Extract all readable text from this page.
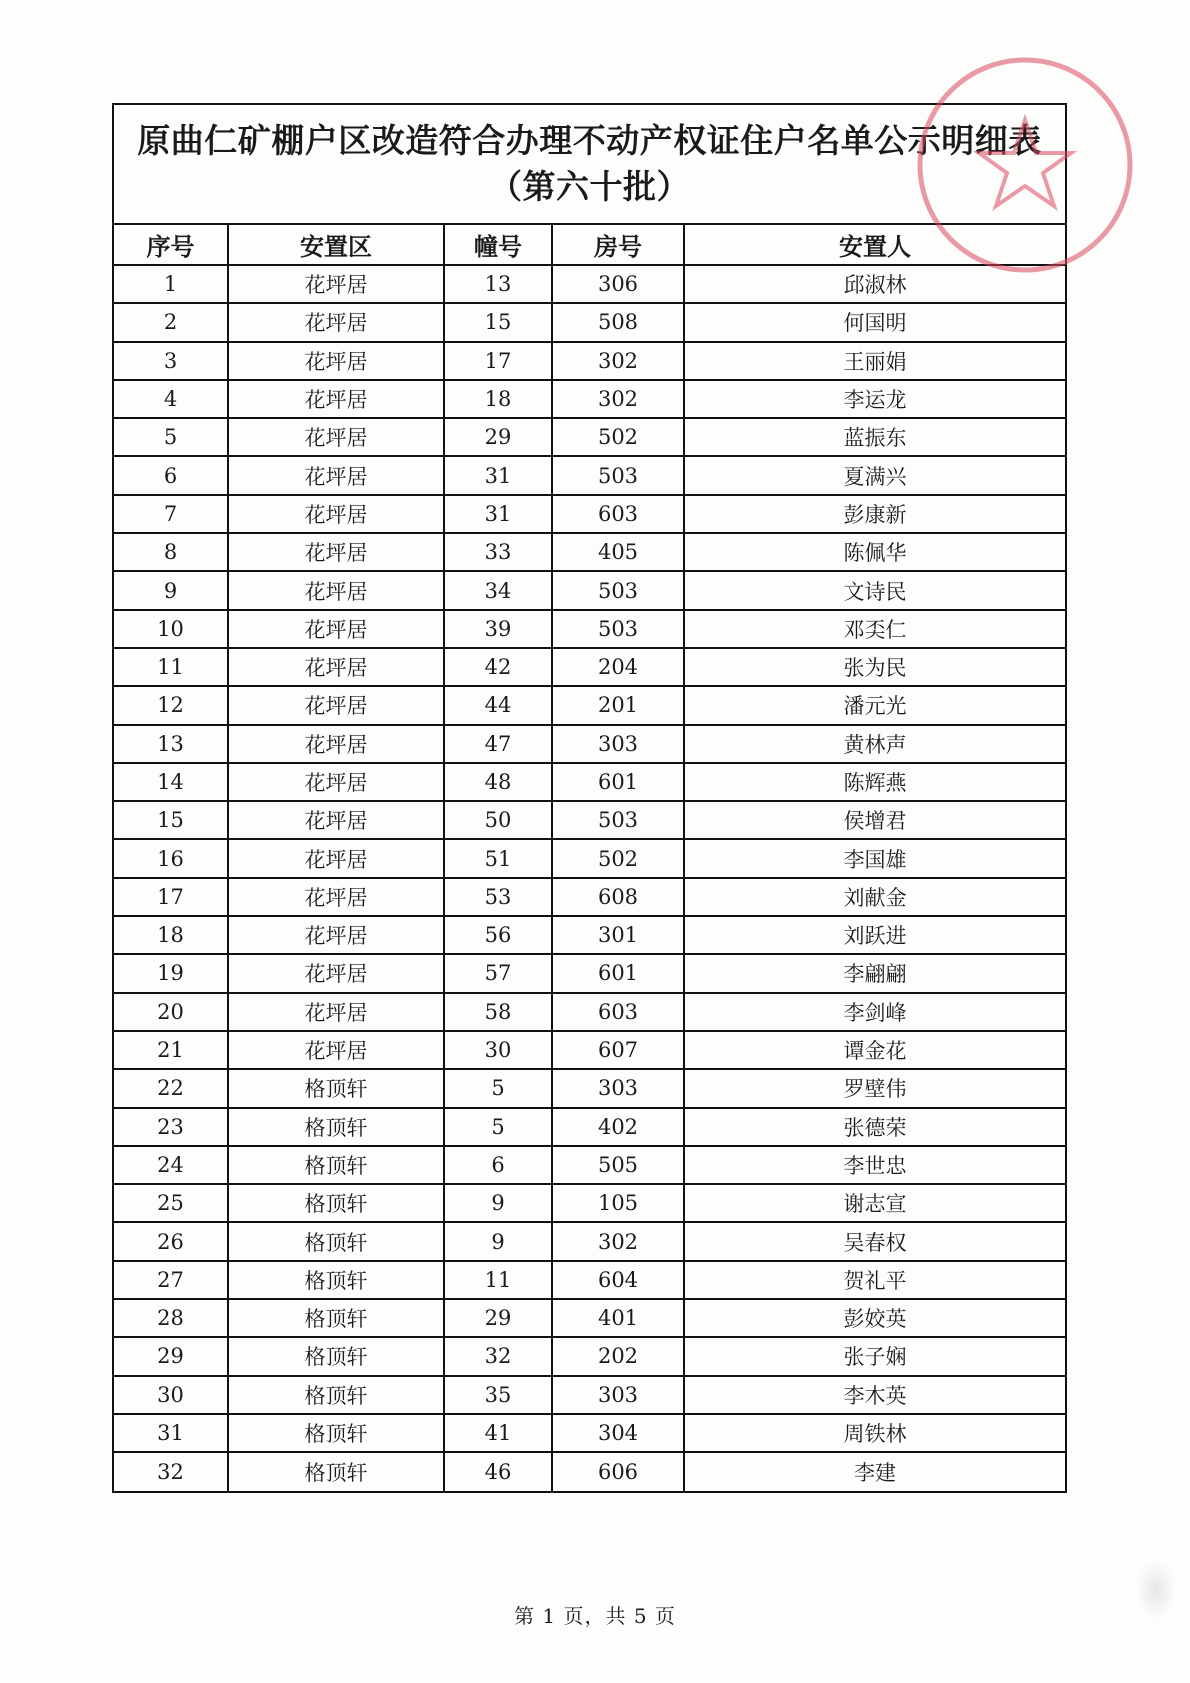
原曲仁矿棚户区改造符合办理不动产权证住户名单公示明细表（第六十批）
序号	安置区	幢号	房号	安置人
1	花坪居	13	306	邱淑林
2	花坪居	15	508	何国明
3	花坪居	17	302	王丽娟
4	花坪居	18	302	李运龙
5	花坪居	29	502	蓝振东
6	花坪居	31	503	夏满兴
7	花坪居	31	603	彭康新
8	花坪居	33	405	陈佩华
9	花坪居	34	503	文诗民
10	花坪居	39	503	邓奀仁
11	花坪居	42	204	张为民
12	花坪居	44	201	潘元光
13	花坪居	47	303	黄林声
14	花坪居	48	601	陈辉燕
15	花坪居	50	503	侯增君
16	花坪居	51	502	李国雄
17	花坪居	53	608	刘献金
18	花坪居	56	301	刘跃进
19	花坪居	57	601	李翩翩
20	花坪居	58	603	李剑峰
21	花坪居	30	607	谭金花
22	格顶轩	5	303	罗壁伟
23	格顶轩	5	402	张德荣
24	格顶轩	6	505	李世忠
25	格顶轩	9	105	谢志宣
26	格顶轩	9	302	吴春权
27	格顶轩	11	604	贺礼平
28	格顶轩	29	401	彭姣英
29	格顶轩	32	202	张子娴
30	格顶轩	35	303	李木英
31	格顶轩	41	304	周铁林
32	格顶轩	46	606	李建
第 1 页，共 5 页
